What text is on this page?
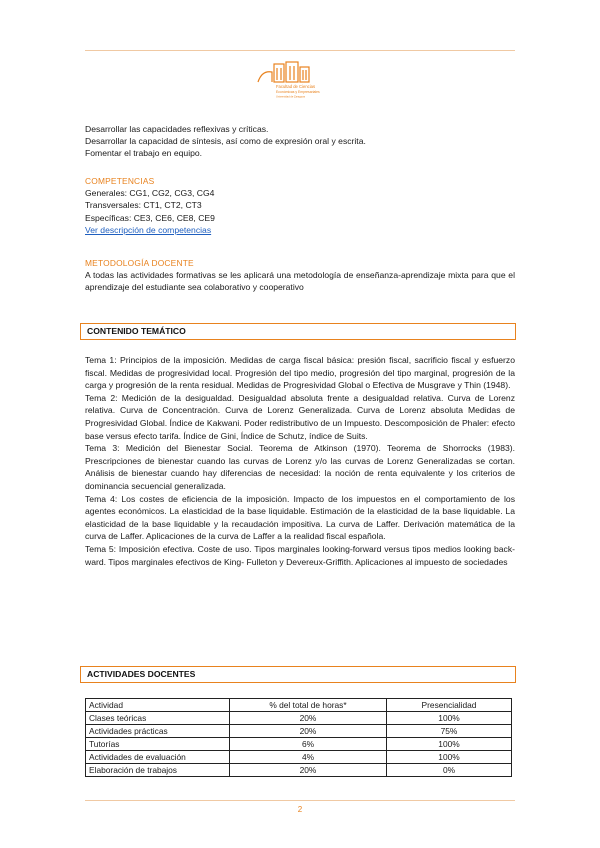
Facultad de Ciencias
Económicas y Empresariales
Universidad de Zaragoza
Desarrollar las capacidades reflexivas y críticas.
Desarrollar la capacidad de síntesis, así como de expresión oral y escrita.
Fomentar el trabajo en equipo.
COMPETENCIAS
Generales: CG1, CG2, CG3, CG4
Transversales: CT1, CT2, CT3
Específicas: CE3, CE6, CE8, CE9
Ver descripción de competencias
METODOLOGÍA DOCENTE
A todas las actividades formativas se les aplicará una metodología de enseñanza-aprendizaje mixta para que el aprendizaje del estudiante sea colaborativo y cooperativo
CONTENIDO TEMÁTICO
Tema 1: Principios de la imposición. Medidas de carga fiscal básica: presión fiscal, sacrificio fiscal y esfuerzo fiscal. Medidas de progresividad local. Progresión del tipo medio, progresión del tipo marginal, progresión de la carga y progresión de la renta residual. Medidas de Progresividad Global o Efectiva de Musgrave y Thin (1948).
Tema 2: Medición de la desigualdad. Desigualdad absoluta frente a desigualdad relativa. Curva de Lorenz relativa. Curva de Concentración. Curva de Lorenz Generalizada. Curva de Lorenz absoluta Medidas de Progresividad Global. Índice de Kakwani. Poder redistributivo de un Impuesto. Descomposición de Phaler: efecto base versus efecto tarifa. Índice de Gini, Índice de Schutz, índice de Suits.
Tema 3: Medición del Bienestar Social. Teorema de Atkinson (1970). Teorema de Shorrocks (1983). Prescripciones de bienestar cuando las curvas de Lorenz y/o las curvas de Lorenz Generalizadas se cortan. Análisis de bienestar cuando hay diferencias de necesidad: la noción de renta equivalente y los criterios de dominancia secuencial generalizada.
Tema 4: Los costes de eficiencia de la imposición. Impacto de los impuestos en el comportamiento de los agentes económicos. La elasticidad de la base liquidable. Estimación de la elasticidad de la base liquidable. La elasticidad de la base liquidable y la recaudación impositiva. La curva de Laffer. Derivación matemática de la curva de Laffer. Aplicaciones de la curva de Laffer a la realidad fiscal española.
Tema 5: Imposición efectiva. Coste de uso. Tipos marginales looking-forward versus tipos medios looking back-ward. Tipos marginales efectivos de King- Fulleton y Devereux-Griffith. Aplicaciones al impuesto de sociedades
ACTIVIDADES DOCENTES
Actividad	% del total de horas*	Presencialidad
Clases teóricas	20%	100%
Actividades prácticas	20%	75%
Tutorías	6%	100%
Actividades de evaluación	4%	100%
Elaboración de trabajos	20%	0%
2
